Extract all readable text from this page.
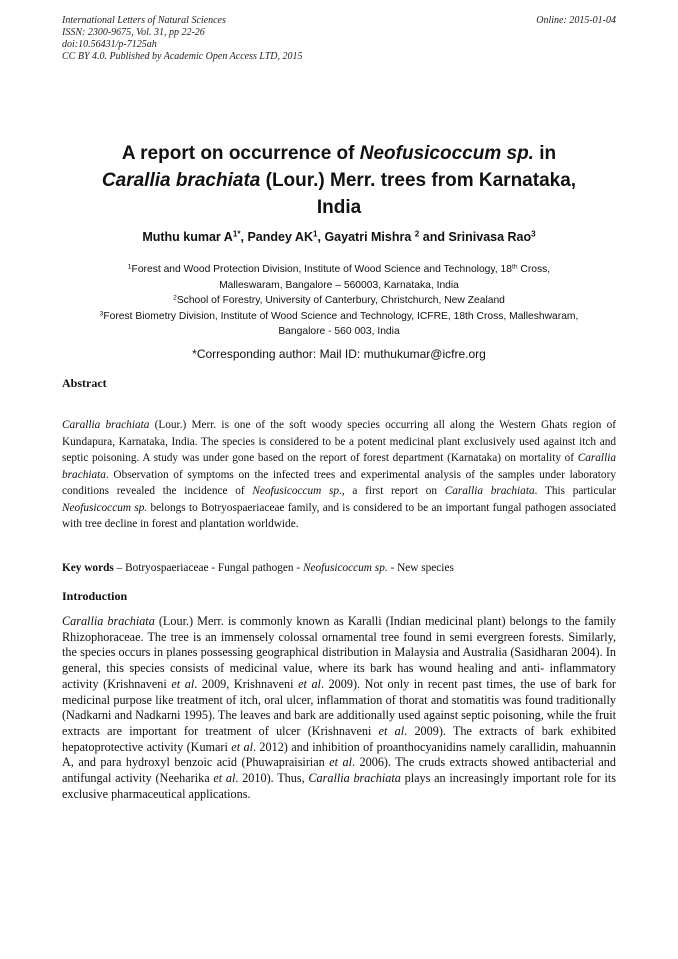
International Letters of Natural Sciences
ISSN: 2300-9675, Vol. 31, pp 22-26
doi:10.56431/p-7125ah
CC BY 4.0. Published by Academic Open Access LTD, 2015
Online: 2015-01-04
A report on occurrence of Neofusicoccum sp. in
Carallia brachiata (Lour.) Merr. trees from Karnataka,
India
Muthu kumar $A^{1*}$, Pandey $AK^1$, Gayatri Mishra $^2$ and Srinivasa Rao$^3$
$^1$Forest and Wood Protection Division, Institute of Wood Science and Technology, 18th Cross,
Malleswaram, Bangalore – 560003, Karnataka, India
$^2$School of Forestry, University of Canterbury, Christchurch, New Zealand
$^3$Forest Biometry Division, Institute of Wood Science and Technology, ICFRE, 18th Cross, Malleshwaram,
Bangalore - 560 003, India
*Corresponding author: Mail ID: muthukumar@icfre.org
Abstract
Carallia brachiata (Lour.) Merr. is one of the soft woody species occurring all along the Western Ghats region of Kundapura, Karnataka, India. The species is considered to be a potent medicinal plant exclusively used against itch and septic poisoning. A study was under gone based on the report of forest department (Karnataka) on mortality of Carallia brachiata. Observation of symptoms on the infected trees and experimental analysis of the samples under laboratory conditions revealed the incidence of Neofusicoccum sp., a first report on Carallia brachiata. This particular Neofusicoccum sp. belongs to Botryospaeriaceae family, and is considered to be an important fungal pathogen associated with tree decline in forest and plantation worldwide.
Key words – Botryospaeriaceae - Fungal pathogen - Neofusicoccum sp. - New species
Introduction
Carallia brachiata (Lour.) Merr. is commonly known as Karalli (Indian medicinal plant) belongs to the family Rhizophoraceae. The tree is an immensely colossal ornamental tree found in semi evergreen forests. Similarly, the species occurs in planes possessing geographical distribution in Malaysia and Australia (Sasidharan 2004). In general, this species consists of medicinal value, where its bark has wound healing and anti- inflammatory activity (Krishnaveni et al. 2009, Krishnaveni et al. 2009). Not only in recent past times, the use of bark for medicinal purpose like treatment of itch, oral ulcer, inflammation of thorat and stomatitis was found traditionally (Nadkarni and Nadkarni 1995). The leaves and bark are additionally used against septic poisoning, while the fruit extracts are important for treatment of ulcer (Krishnaveni et al. 2009). The extracts of bark exhibited hepatoprotective activity (Kumari et al. 2012) and inhibition of proanthocyanidins namely carallidin, mahuannin A, and para hydroxyl benzoic acid (Phuwapraisirian et al. 2006). The cruds extracts showed antibacterial and antifungal activity (Neeharika et al. 2010). Thus, Carallia brachiata plays an increasingly important role for its exclusive pharmaceutical applications.
